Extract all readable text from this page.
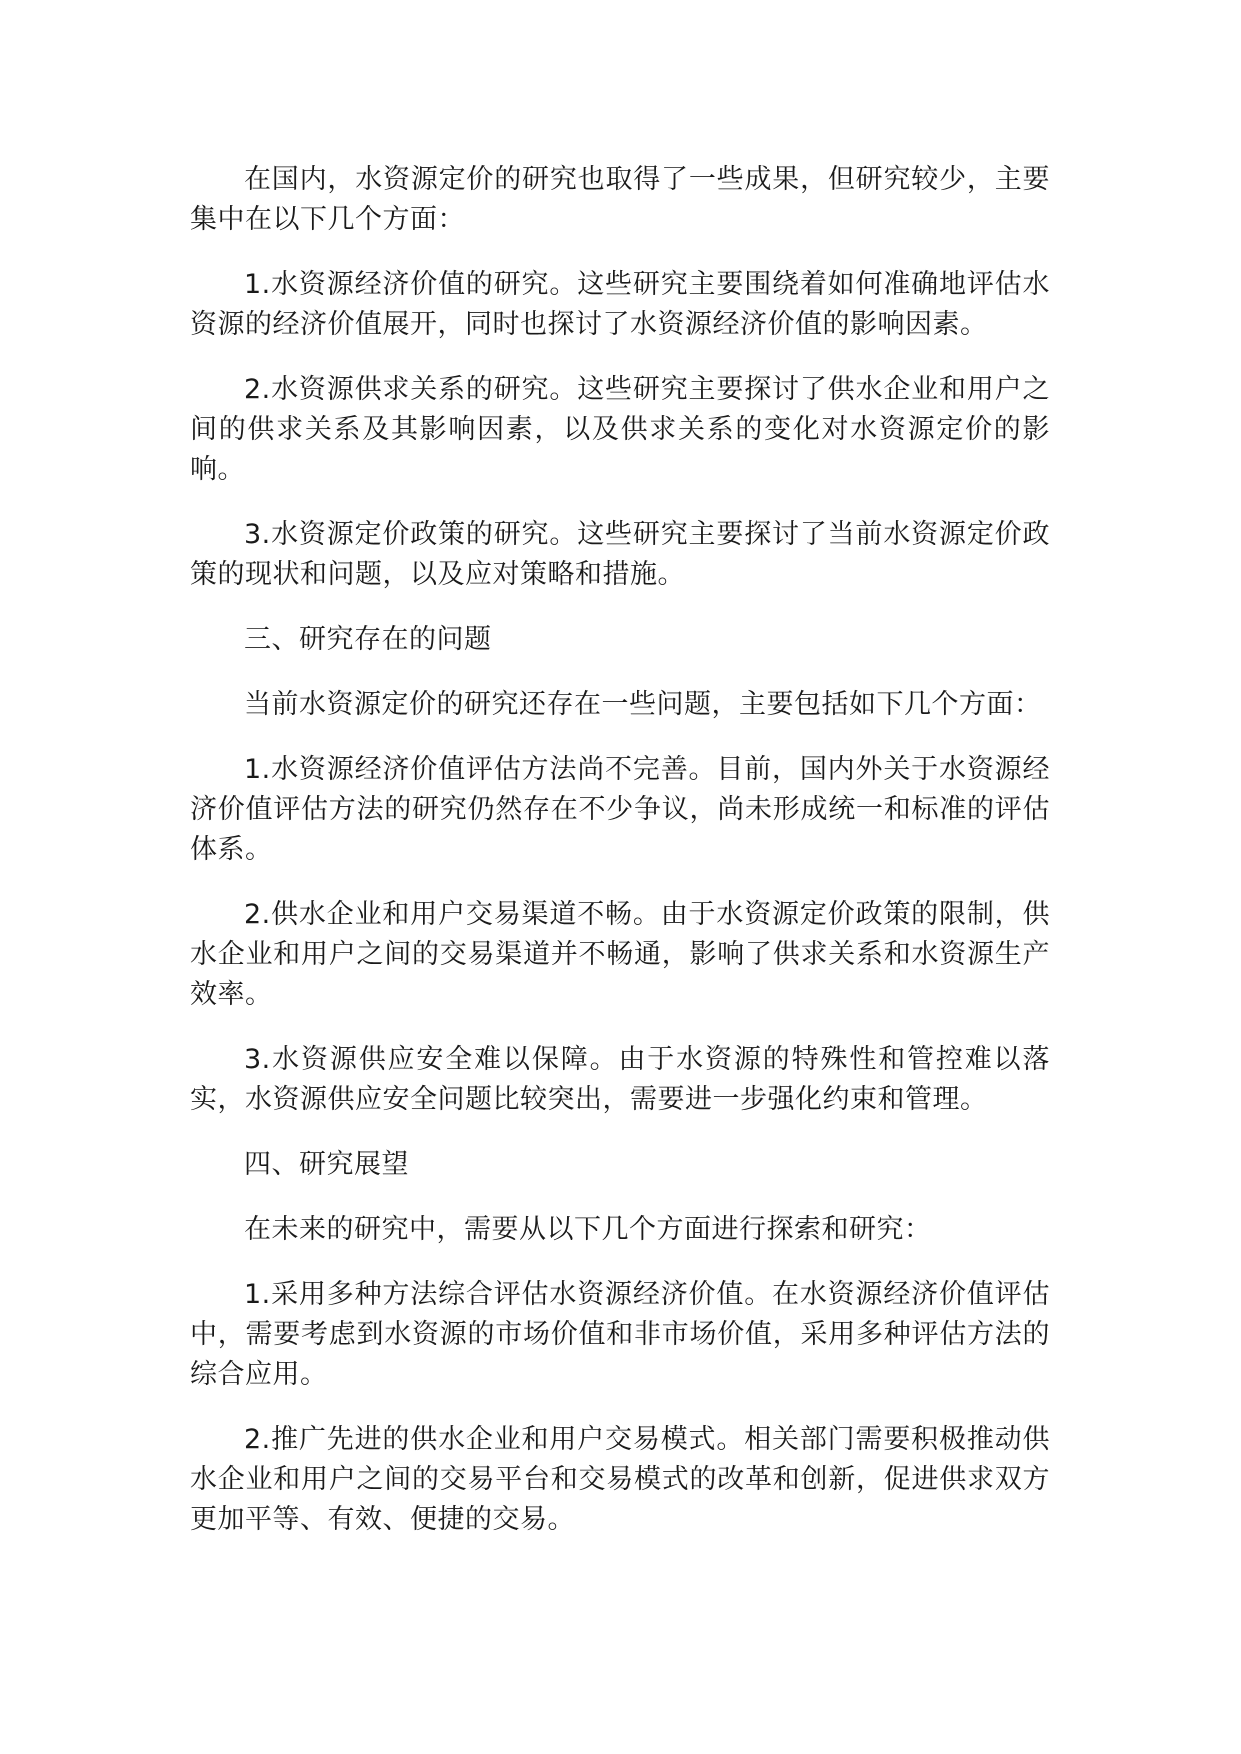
在国内，水资源定价的研究也取得了一些成果，但研究较少，主要集中在以下几个方面：

1.水资源经济价值的研究。这些研究主要围绕着如何准确地评估水资源的经济价值展开，同时也探讨了水资源经济价值的影响因素。

2.水资源供求关系的研究。这些研究主要探讨了供水企业和用户之间的供求关系及其影响因素，以及供求关系的变化对水资源定价的影响。

3.水资源定价政策的研究。这些研究主要探讨了当前水资源定价政策的现状和问题，以及应对策略和措施。

三、研究存在的问题

当前水资源定价的研究还存在一些问题，主要包括如下几个方面：

1.水资源经济价值评估方法尚不完善。目前，国内外关于水资源经济价值评估方法的研究仍然存在不少争议，尚未形成统一和标准的评估体系。

2.供水企业和用户交易渠道不畅。由于水资源定价政策的限制，供水企业和用户之间的交易渠道并不畅通，影响了供求关系和水资源生产效率。

3.水资源供应安全难以保障。由于水资源的特殊性和管控难以落实，水资源供应安全问题比较突出，需要进一步强化约束和管理。

四、研究展望

在未来的研究中，需要从以下几个方面进行探索和研究：

1.采用多种方法综合评估水资源经济价值。在水资源经济价值评估中，需要考虑到水资源的市场价值和非市场价值，采用多种评估方法的综合应用。

2.推广先进的供水企业和用户交易模式。相关部门需要积极推动供水企业和用户之间的交易平台和交易模式的改革和创新，促进供求双方更加平等、有效、便捷的交易。
